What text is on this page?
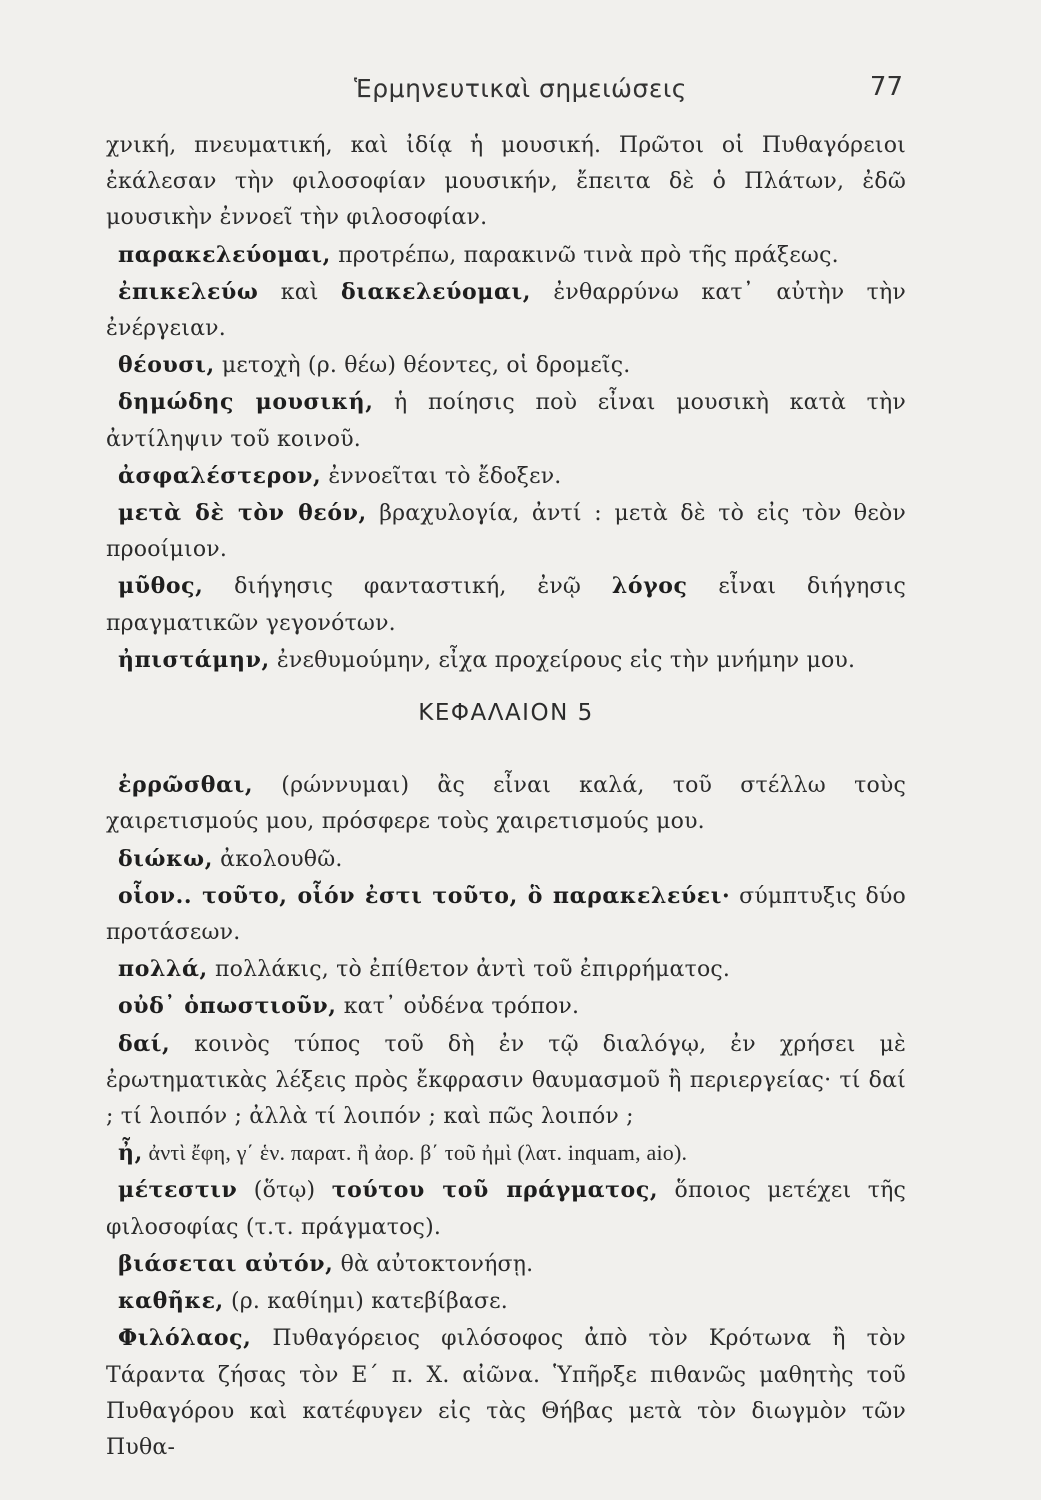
Ἑρμηνευτικαὶ σημειώσεις	77

χνική, πνευματική, καὶ ἰδίᾳ ἡ μουσική. Πρῶτοι οἱ Πυθαγόρειοι ἐκάλεσαν τὴν φιλοσοφίαν μουσικήν, ἔπειτα δὲ ὁ Πλάτων, ἐδῶ μουσικὴν ἐννοεῖ τὴν φιλοσοφίαν.

παρακελεύομαι, προτρέπω, παρακινῶ τινὰ πρὸ τῆς πράξεως.

ἐπικελεύω καὶ διακελεύομαι, ἐνθαρρύνω κατ᾽ αὐτὴν τὴν ἐνέργειαν.

θέουσι, μετοχὴ (ρ. θέω) θέοντες, οἱ δρομεῖς.

δημώδης μουσική, ἡ ποίησις ποὺ εἶναι μουσικὴ κατὰ τὴν ἀντίληψιν τοῦ κοινοῦ.

ἀσφαλέστερον, ἐννοεῖται τὸ ἔδοξεν.

μετὰ δὲ τὸν θεόν, βραχυλογία, ἀντί : μετὰ δὲ τὸ εἰς τὸν θεὸν προοίμιον.

μῦθος, διήγησις φανταστική, ἐνῷ λόγος εἶναι διήγησις πραγματικῶν γεγονότων.

ἠπιστάμην, ἐνεθυμούμην, εἶχα προχείρους εἰς τὴν μνήμην μου.

ΚΕΦΑΛΑΙΟΝ 5

ἐρρῶσθαι, (ρώννυμαι) ἂς εἶναι καλά, τοῦ στέλλω τοὺς χαιρετισμούς μου, πρόσφερε τοὺς χαιρετισμούς μου.

διώκω, ἀκολουθῶ.

οἷον.. τοῦτο, οἷόν ἐστι τοῦτο, ὃ παρακελεύει· σύμπτυξις δύο προτάσεων.

πολλά, πολλάκις, τὸ ἐπίθετον ἀντὶ τοῦ ἐπιρρήματος.

οὐδ᾽ ὁπωστιοῦν, κατ᾽ οὐδένα τρόπον.

δαί, κοινὸς τύπος τοῦ δὴ ἐν τῷ διαλόγῳ, ἐν χρήσει μὲ ἐρωτηματικὰς λέξεις πρὸς ἔκφρασιν θαυμασμοῦ ἢ περιεργείας· τί δαί ; τί λοιπόν ; ἀλλὰ τί λοιπόν ; καὶ πῶς λοιπόν ;

ἦ, ἀντὶ ἔφη, γ΄ ἑν. παρατ. ἢ ἀορ. β΄ τοῦ ἠμὶ (λατ. inquam, aio).

μέτεστιν (ὅτῳ) τούτου τοῦ πράγματος, ὅποιος μετέχει τῆς φιλοσοφίας (τ.τ. πράγματος).

βιάσεται αὐτόν, θὰ αὐτοκτονήσῃ.

καθῆκε, (ρ. καθίημι) κατεβίβασε.

Φιλόλαος, Πυθαγόρειος φιλόσοφος ἀπὸ τὸν Κρότωνα ἢ τὸν Τάραντα ζήσας τὸν Ε΄ π. Χ. αἰῶνα. Ὑπῆρξε πιθανῶς μαθητὴς τοῦ Πυθαγόρου καὶ κατέφυγεν εἰς τὰς Θήβας μετὰ τὸν διωγμὸν τῶν Πυθα-
